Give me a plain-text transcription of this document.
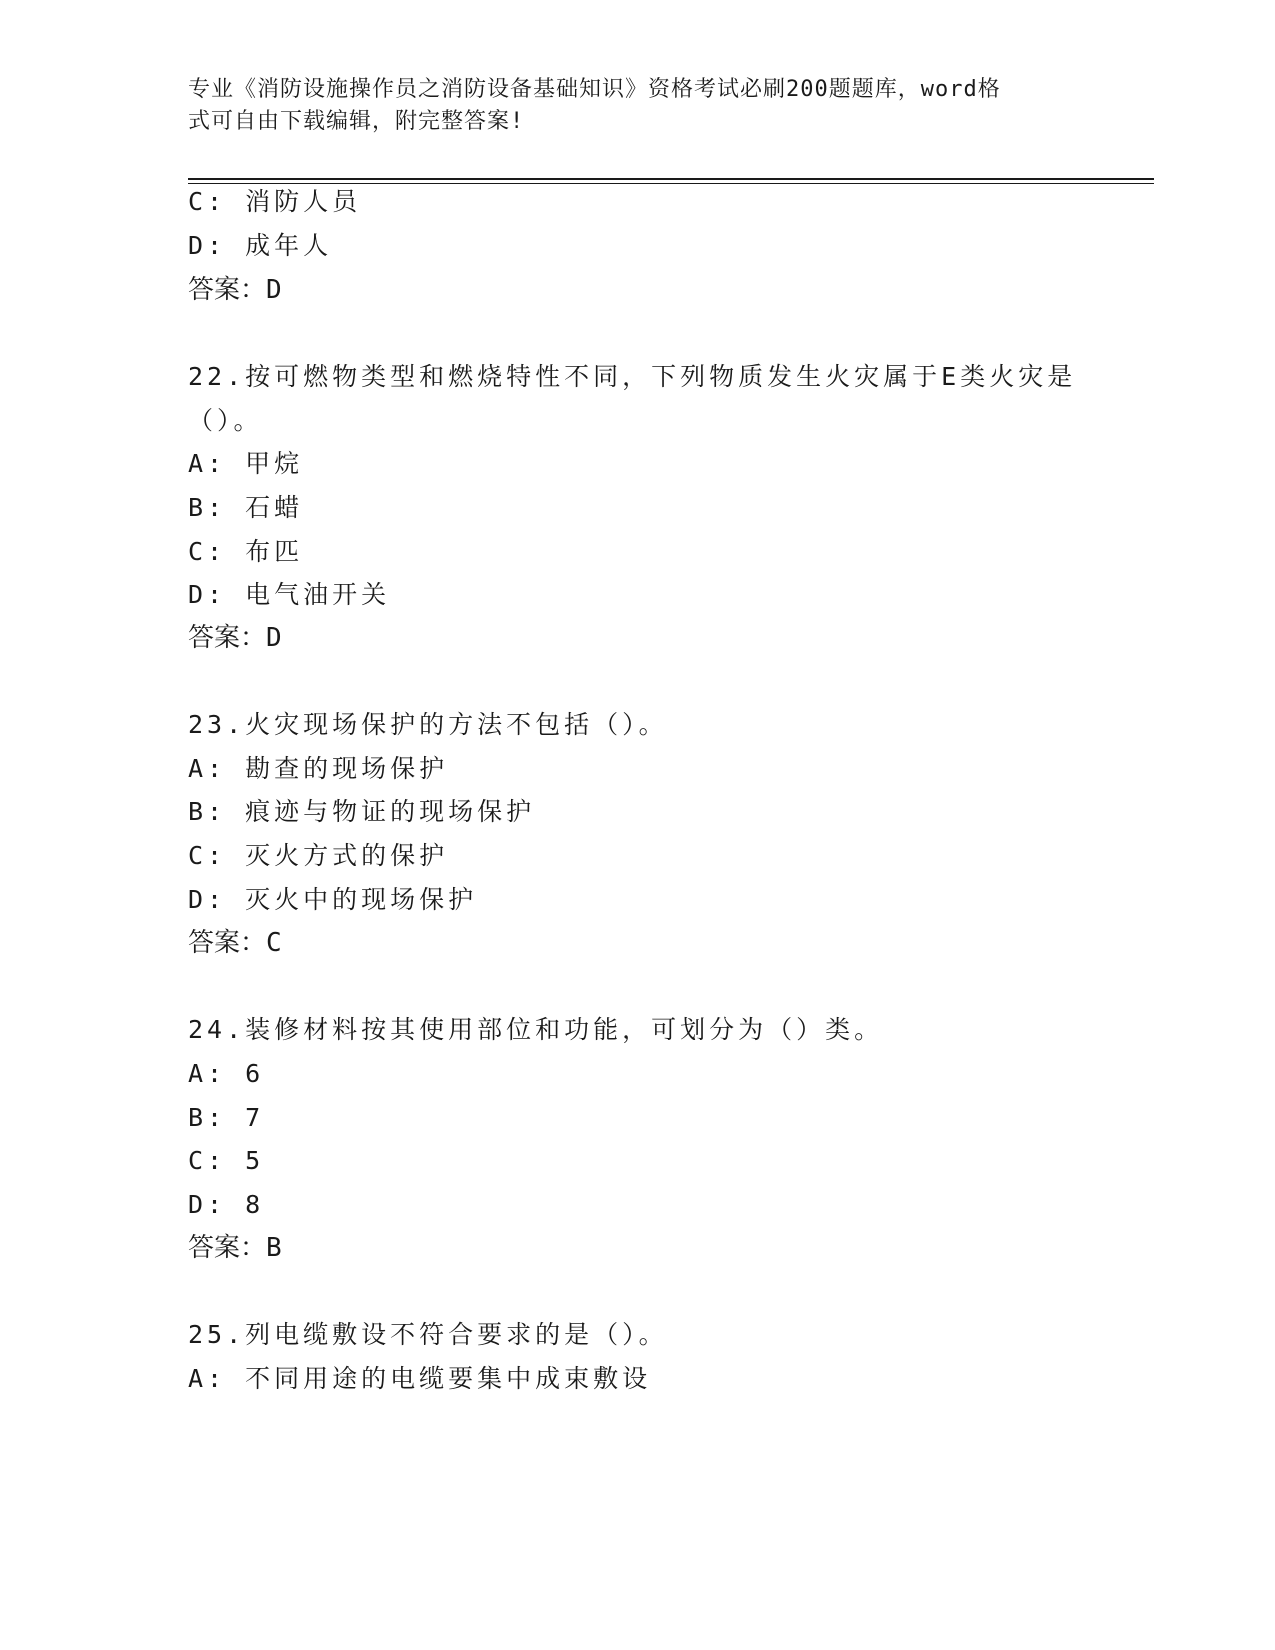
专业《消防设施操作员之消防设备基础知识》资格考试必刷200题题库，word格
式可自由下载编辑，附完整答案!
C: 消防人员
D: 成年人
答案：D
22.按可燃物类型和燃烧特性不同，下列物质发生火灾属于E类火灾是
（）。
A: 甲烷
B: 石蜡
C: 布匹
D: 电气油开关
答案：D
23.火灾现场保护的方法不包括（）。
A: 勘查的现场保护
B: 痕迹与物证的现场保护
C: 灭火方式的保护
D: 灭火中的现场保护
答案：C
24.装修材料按其使用部位和功能，可划分为（）类。
A: 6
B: 7
C: 5
D: 8
答案：B
25.列电缆敷设不符合要求的是（）。
A: 不同用途的电缆要集中成束敷设
